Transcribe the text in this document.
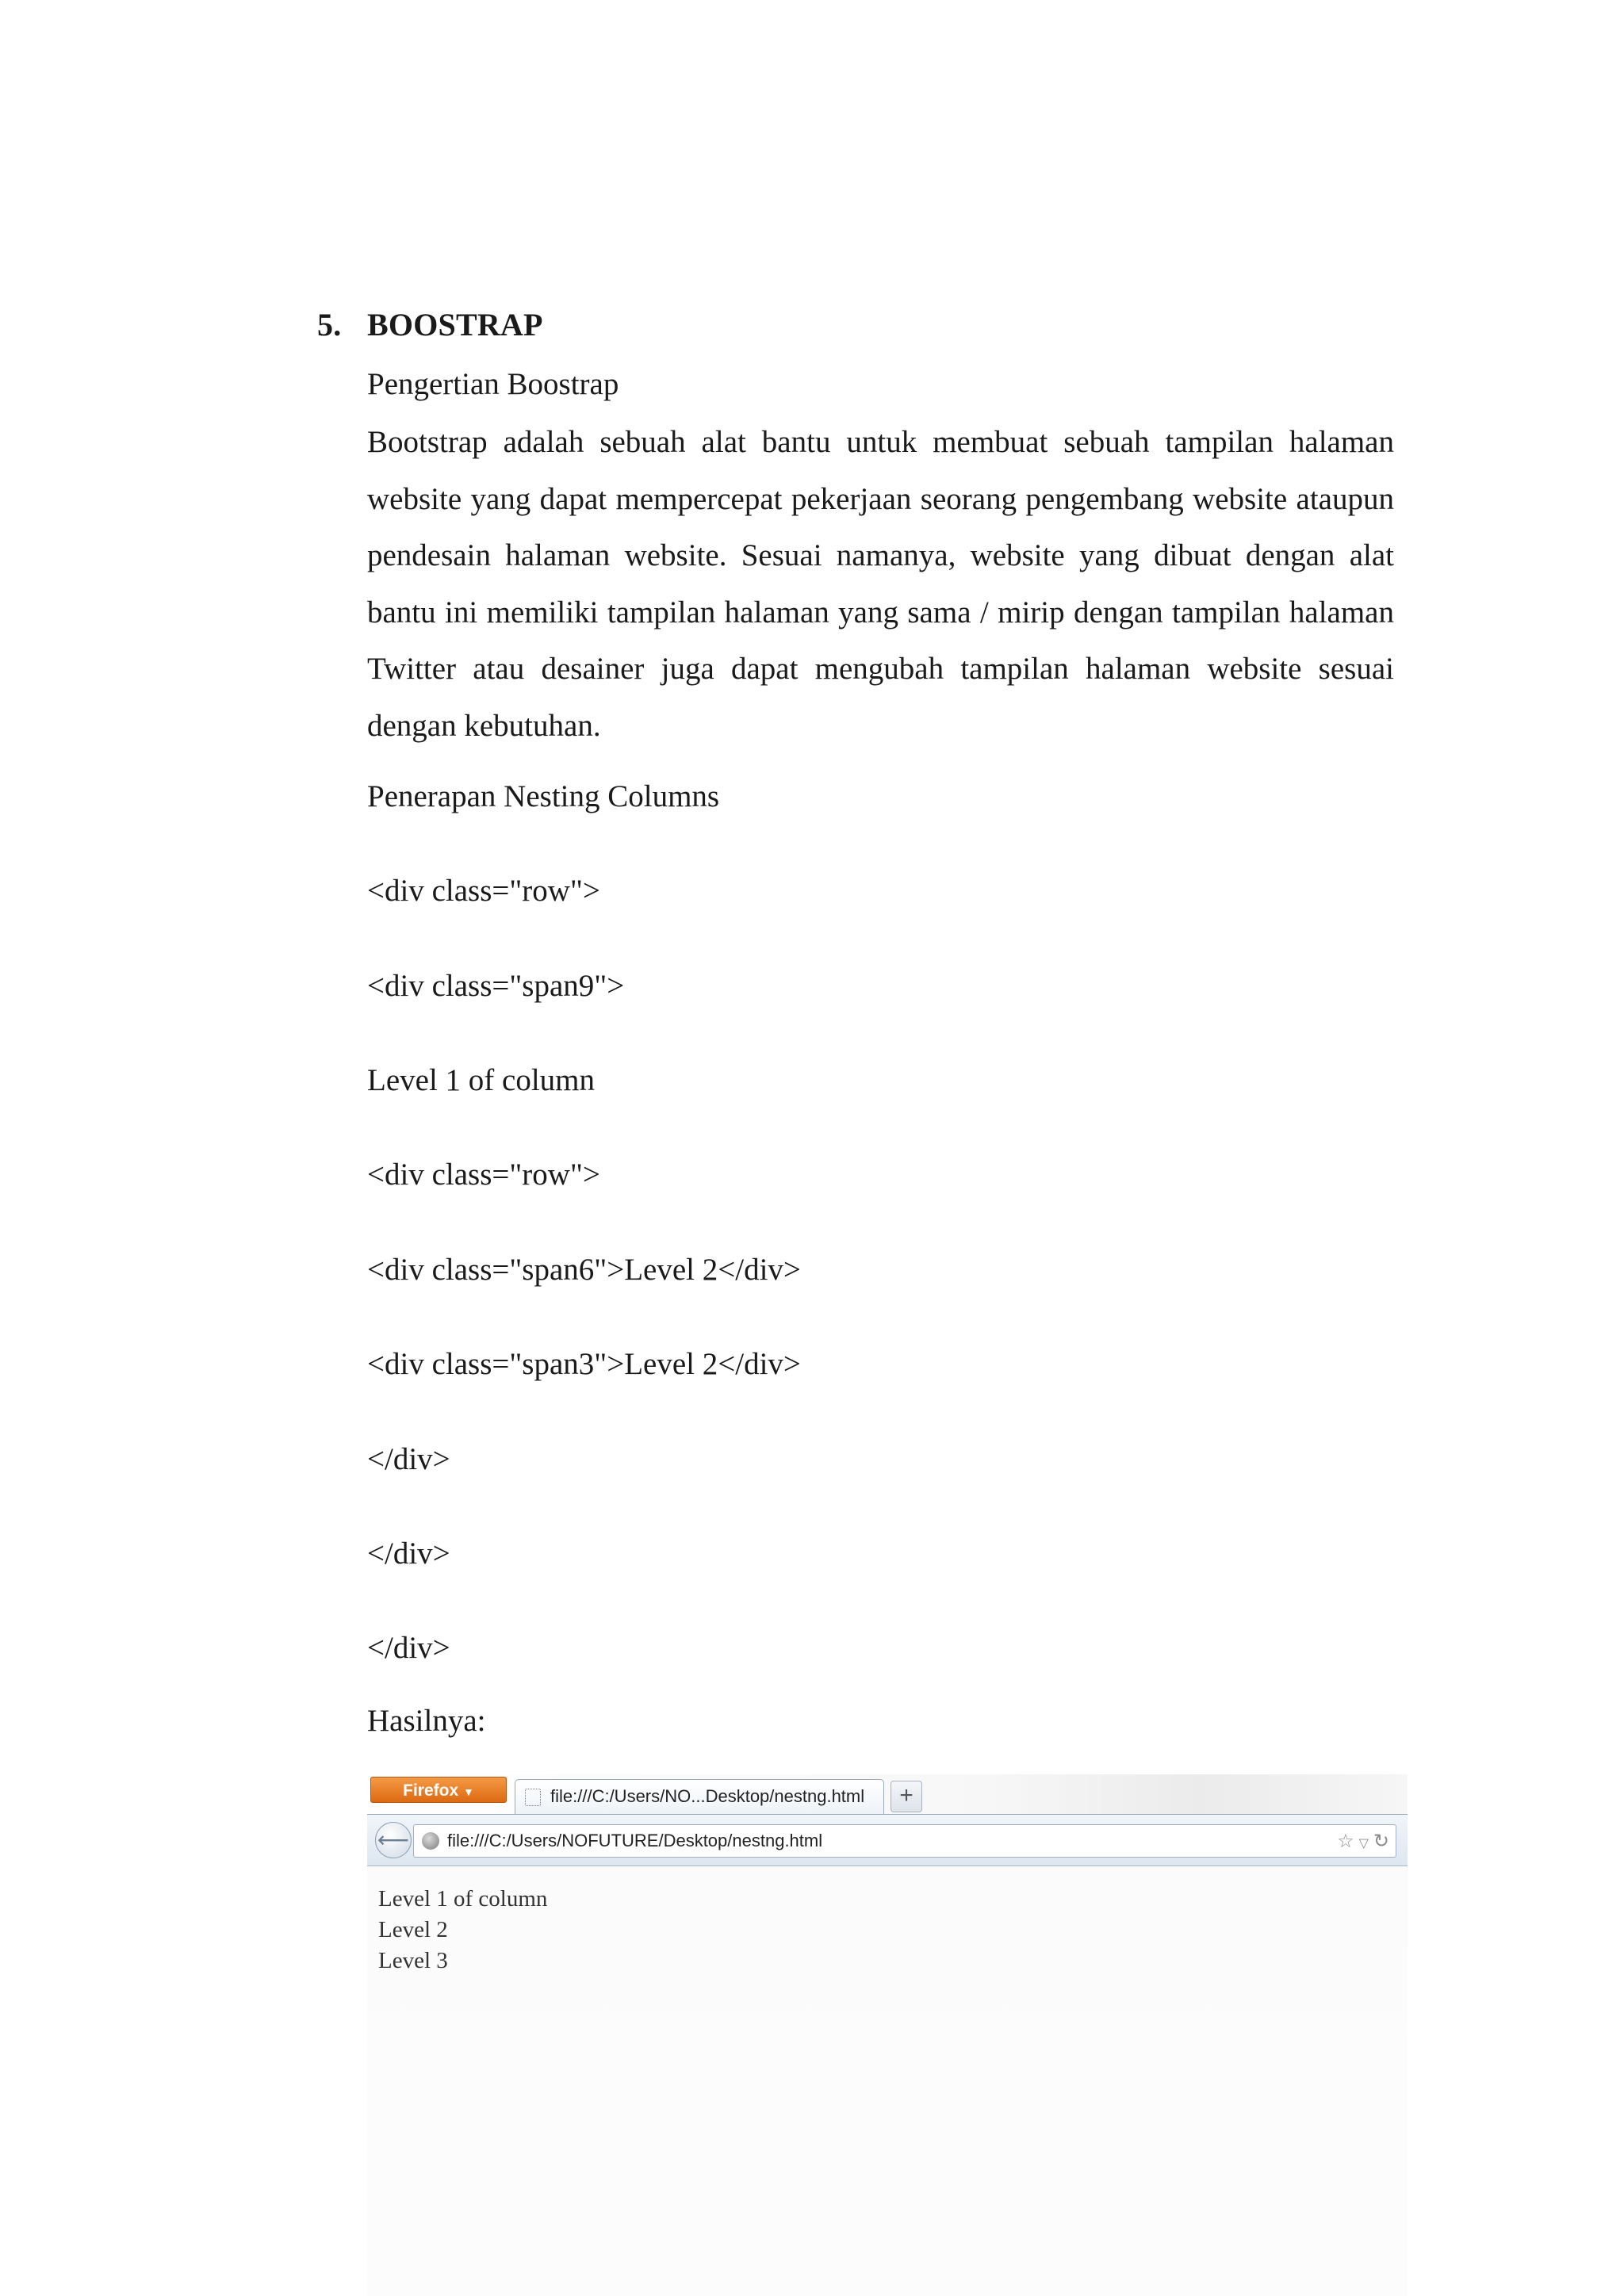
5. BOOSTRAP
Pengertian Boostrap
Bootstrap adalah sebuah alat bantu untuk membuat sebuah tampilan halaman website yang dapat mempercepat pekerjaan seorang pengembang website ataupun pendesain halaman website. Sesuai namanya, website yang dibuat dengan alat bantu ini memiliki tampilan halaman yang sama / mirip dengan tampilan halaman Twitter atau desainer juga dapat mengubah tampilan halaman website sesuai dengan kebutuhan.
Penerapan Nesting Columns
<div class="row">
<div class="span9">
Level 1 of column
<div class="row">
<div class="span6">Level 2</div>
<div class="span3">Level 2</div>
</div>
</div>
</div>
Hasilnya:
Firefox ▼	file:///C:/Users/NO...Desktop/nestng.html	+
⟵ file:///C:/Users/NOFUTURE/Desktop/nestng.html	☆ ▽ ↻
Level 1 of column
Level 2
Level 3
